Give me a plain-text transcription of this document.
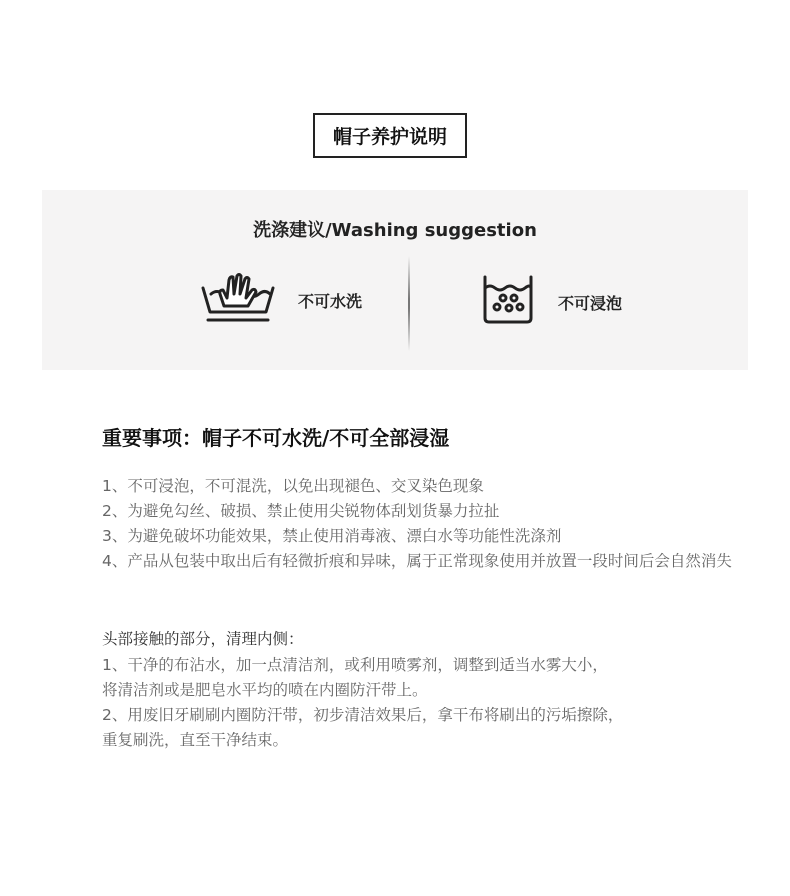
帽子养护说明
洗涤建议/Washing suggestion
不可水洗	不可浸泡
重要事项：帽子不可水洗/不可全部浸湿
1、 不可浸泡，不可混洗，以免出现褪色、交叉染色现象
2、 为避免勾丝、破损、禁止使用尖锐物体刮划货暴力拉扯
3、 为避免破坏功能效果，禁止使用消毒液、漂白水等功能性洗涤剂
4、 产品从包装中取出后有轻微折痕和异味，属于正常现象使用并放置一段时间后会自然消失
头部接触的部分，清理内侧：

1、干净的布沾水，加一点清洁剂，或利用喷雾剂，调整到适当水雾大小，

将清洁剂或是肥皂水平均的喷在内圈防汗带上。

2、用废旧牙刷刷内圈防汗带，初步清洁效果后，拿干布将刷出的污垢擦除，

重复刷洗，直至干净结束。
